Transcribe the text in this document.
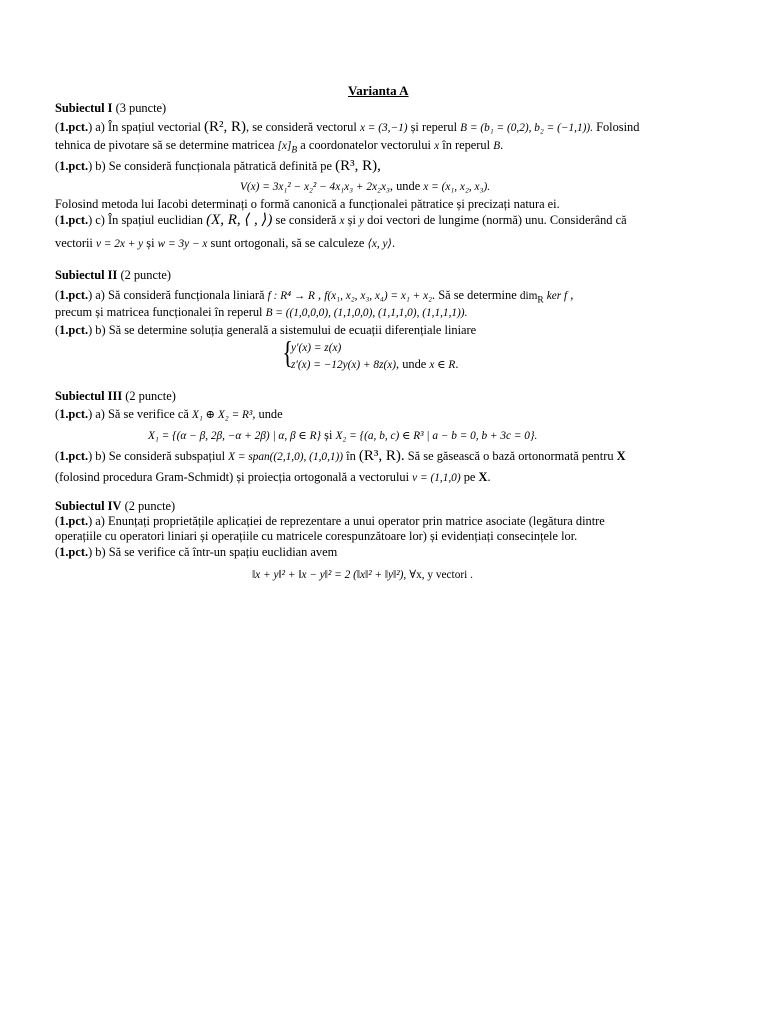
Varianta A
Subiectul I (3 puncte)
(1.pct.) a) În spațiul vectorial (R², R), se consideră vectorul x = (3,−1) și reperul B = (b₁ = (0,2), b₂ = (−1,1)). Folosind
tehnica de pivotare să se determine matricea $[x]_B$ a coordonatelor vectorului x în reperul B.
(1.pct.) b) Se consideră funcționala pătratică definită pe (R³, R),
V(x) = 3x₁² − x₂² − 4x₁x₃ + 2x₂x₃, unde x = (x₁, x₂, x₃).
Folosind metoda lui Iacobi determinați o formă canonică a funcționalei pătratice și precizați natura ei.
(1.pct.) c) În spațiul euclidian (X, R, ⟨ , ⟩) se consideră x și y doi vectori de lungime (normă) unu. Considerând că
vectorii v = 2x + y și w = 3y − x sunt ortogonali, să se calculeze ⟨x, y⟩.
Subiectul II (2 puncte)
(1.pct.) a) Să consideră funcționala liniară f : R⁴ → R , f(x₁, x₂, x₃, x₄) = x₁ + x₂. Să se determine dim$_R$ ker f ,
precum și matricea funcționalei în reperul B = ((1,0,0,0), (1,1,0,0), (1,1,1,0), (1,1,1,1)).
(1.pct.) b) Să se determine soluția generală a sistemului de ecuații diferențiale liniare
{
y′(x) = z(x)
z′(x) = −12y(x) + 8z(x), unde x ∈ R.
Subiectul III (2 puncte)
(1.pct.) a) Să se verifice că X₁ ⊕ X₂ = R³, unde
X₁ = {(α − β, 2β, −α + 2β) | α, β ∈ R} și X₂ = {(a, b, c) ∈ R³ | a − b = 0, b + 3c = 0}.
(1.pct.) b) Se consideră subspațiul X = span((2,1,0), (1,0,1)) în (R³, R). Să se găsească o bază ortonormată pentru X
(folosind procedura Gram-Schmidt) și proiecția ortogonală a vectorului v = (1,1,0) pe X.
Subiectul IV (2 puncte)
(1.pct.) a) Enunțați proprietățile aplicației de reprezentare a unui operator prin matrice asociate (legătura dintre
operațiile cu operatori liniari și operațiile cu matricele corespunzătoare lor) și evidențiați consecințele lor.
(1.pct.) b) Să se verifice că într-un spațiu euclidian avem
‖x + y‖² + ‖x − y‖² = 2 (‖x‖² + ‖y‖²), ∀x, y vectori .
